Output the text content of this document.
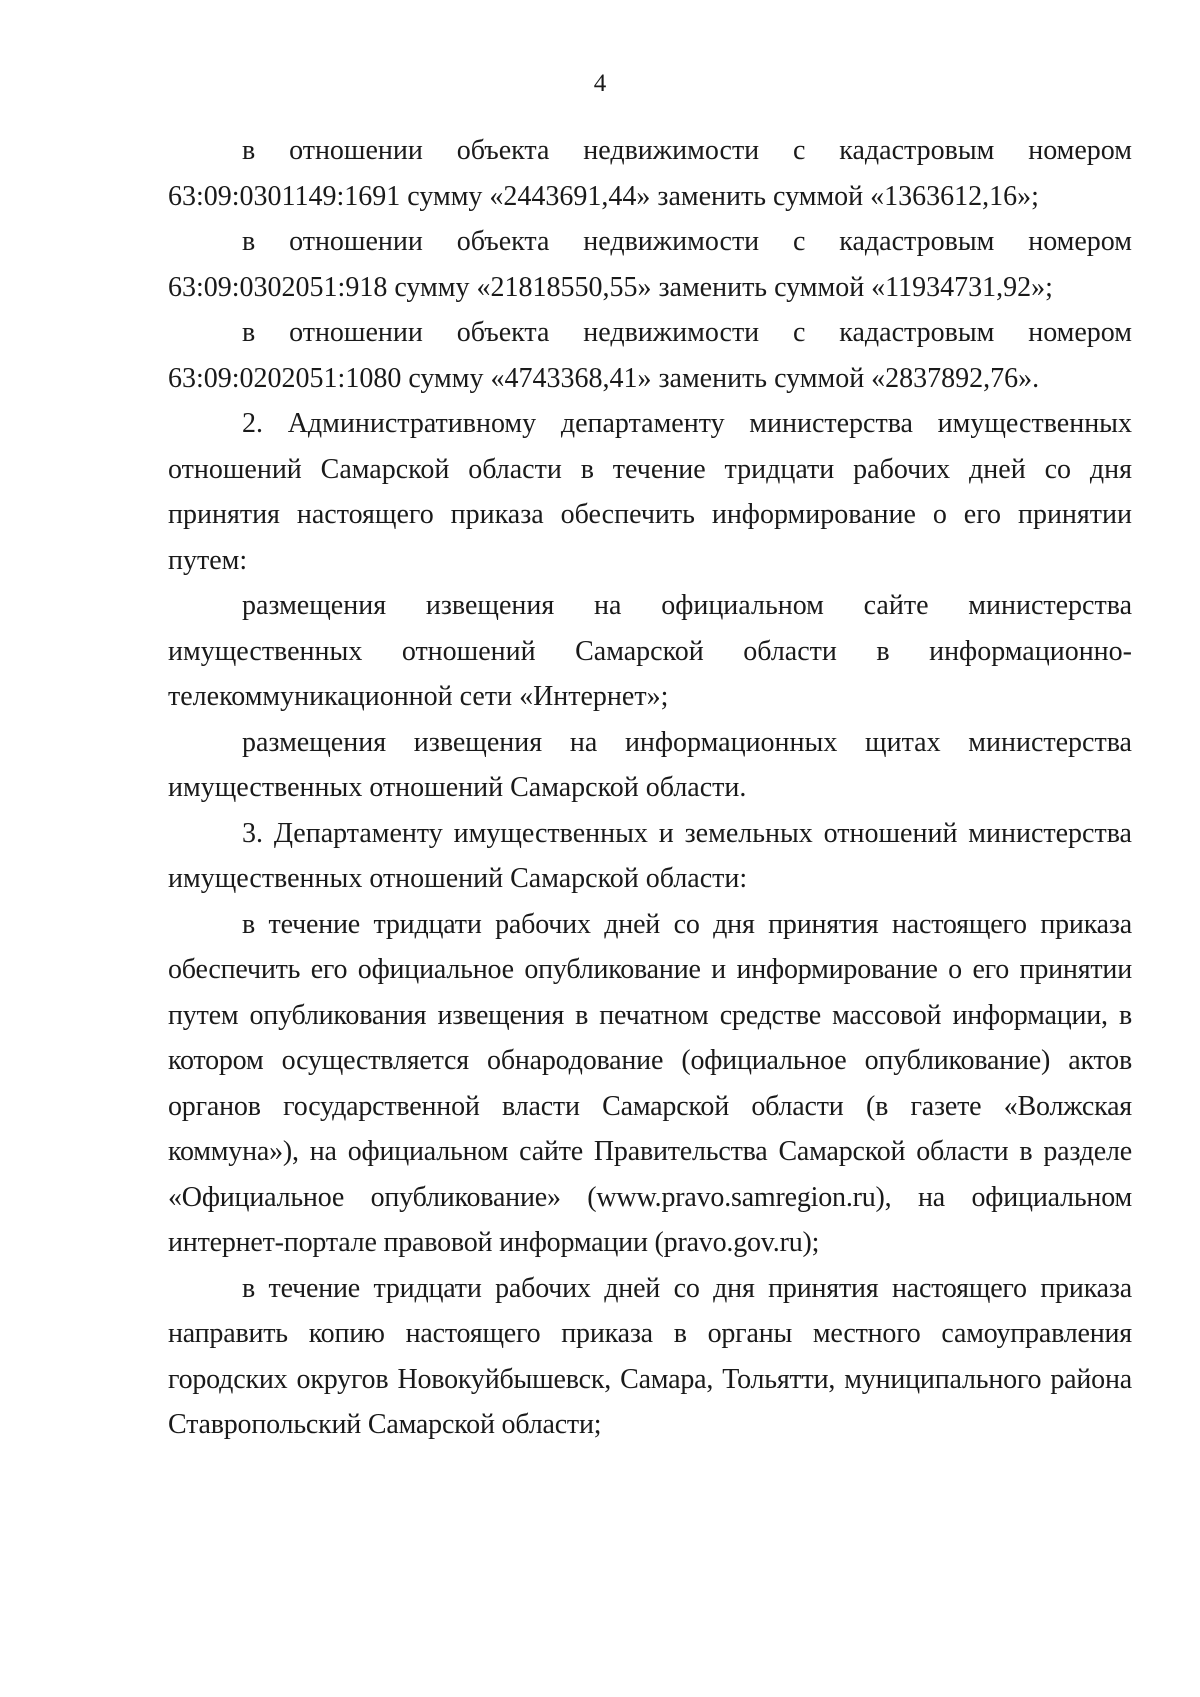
4

в отношении объекта недвижимости с кадастровым номером 63:09:0301149:1691 сумму «2443691,44» заменить суммой «1363612,16»;

в отношении объекта недвижимости с кадастровым номером 63:09:0302051:918 сумму «21818550,55» заменить суммой «11934731,92»;

в отношении объекта недвижимости с кадастровым номером 63:09:0202051:1080 сумму «4743368,41» заменить суммой «2837892,76».

2. Административному департаменту министерства имущественных отношений Самарской области в течение тридцати рабочих дней со дня принятия настоящего приказа обеспечить информирование о его принятии путем:

размещения извещения на официальном сайте министерства имущественных отношений Самарской области в информационно-телекоммуникационной сети «Интернет»;

размещения извещения на информационных щитах министерства имущественных отношений Самарской области.

3. Департаменту имущественных и земельных отношений министерства имущественных отношений Самарской области:

в течение тридцати рабочих дней со дня принятия настоящего приказа обеспечить его официальное опубликование и информирование о его принятии путем опубликования извещения в печатном средстве массовой информации, в котором осуществляется обнародование (официальное опубликование) актов органов государственной власти Самарской области (в газете «Волжская коммуна»), на официальном сайте Правительства Самарской области в разделе «Официальное опубликование» (www.pravo.samregion.ru), на официальном интернет-портале правовой информации (pravo.gov.ru);

в течение тридцати рабочих дней со дня принятия настоящего приказа направить копию настоящего приказа в органы местного самоуправления городских округов Новокуйбышевск, Самара, Тольятти, муниципального района Ставропольский Самарской области;
